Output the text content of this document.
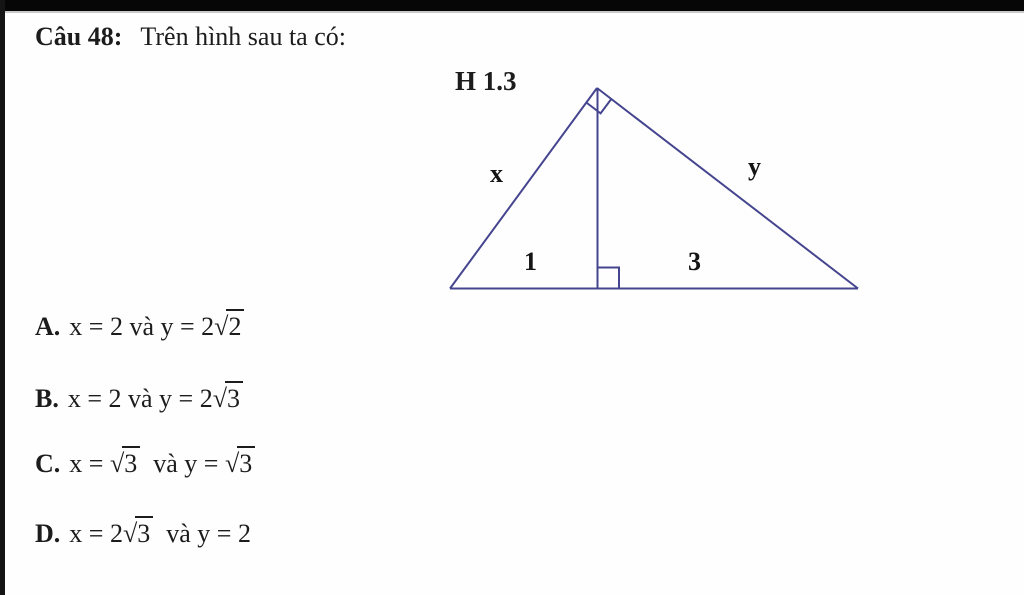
Câu 48: Trên hình sau ta có:
H 1.3
x	y
1	3
A. x = 2 và y = 2√2
B. x = 2 và y = 2√3
C. x = √3  và y = √3
D. x = 2√3  và y = 2
